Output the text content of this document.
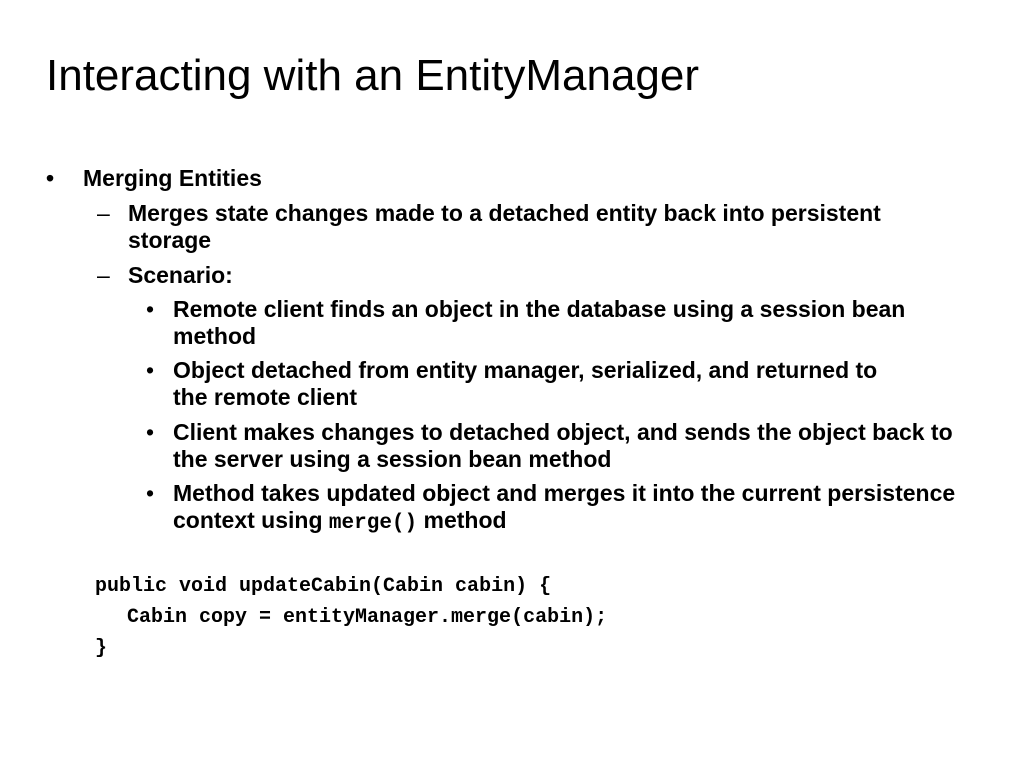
Interacting with an EntityManager
• Merging Entities
– Merges state changes made to a detached entity back into persistent storage
– Scenario:
• Remote client finds an object in the database using a session bean method
• Object detached from entity manager, serialized, and returned to the remote client
• Client makes changes to detached object, and sends the object back to the server using a session bean method
• Method takes updated object and merges it into the current persistence context using merge() method
public void updateCabin(Cabin cabin) {
Cabin copy = entityManager.merge(cabin);
}
